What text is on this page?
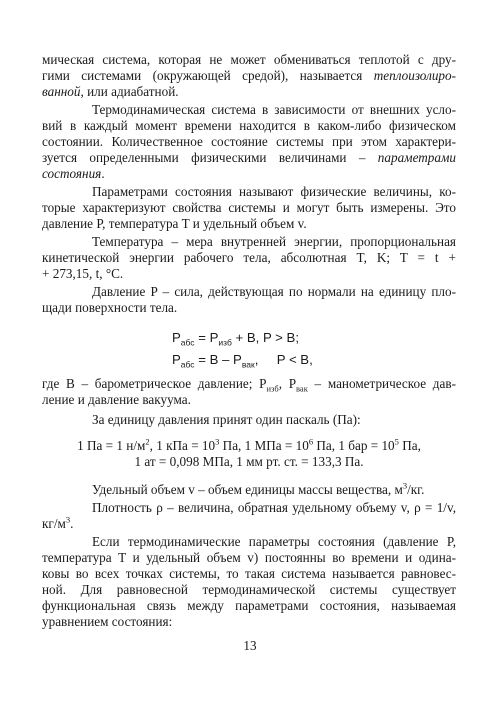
мическая система, которая не может обмениваться теплотой с дру-
гими системами (окружающей средой), называется теплоизолиро-
ванной, или адиабатной.
Термодинамическая система в зависимости от внешних усло-
вий в каждый момент времени находится в каком-либо физическом
состоянии. Количественное состояние системы при этом характери-
зуется определенными физическими величинами – параметрами
состояния.
Параметрами состояния называют физические величины, ко-
торые характеризуют свойства системы и могут быть измерены. Это
давление P, температура T и удельный объем v.
Температура – мера внутренней энергии, пропорциональная
кинетической энергии рабочего тела, абсолютная T, K; T = t +
+ 273,15, t, °C.
Давление P – сила, действующая по нормали на единицу пло-
щади поверхности тела.
$P_{абс} = P_{изб} + B$, P > B;
$P_{абс} = B - P_{вак}$,     P < B,
где B – барометрическое давление; $P_{изб}$, $P_{вак}$ – манометрическое дав-
ление и давление вакуума.
За единицу давления принят один паскаль (Па):
1 Па = 1 $н/м^2$, 1 кПа = $10^3$ Па, 1 МПа = $10^6$ Па, 1 бар = $10^5$ Па,
1 ат = 0,098 МПа, 1 мм рт. ст. = 133,3 Па.
Удельный объем v – объем единицы массы вещества, $м^3/кг$.
Плотность ρ – величина, обратная удельному объему v, ρ = 1/v,
$кг/м^3$.
Если термодинамические параметры состояния (давление P,
температура T и удельный объем v) постоянны во времени и одина-
ковы во всех точках системы, то такая система называется равновес-
ной. Для равновесной термодинамической системы существует
функциональная связь между параметрами состояния, называемая
уравнением состояния:
13
